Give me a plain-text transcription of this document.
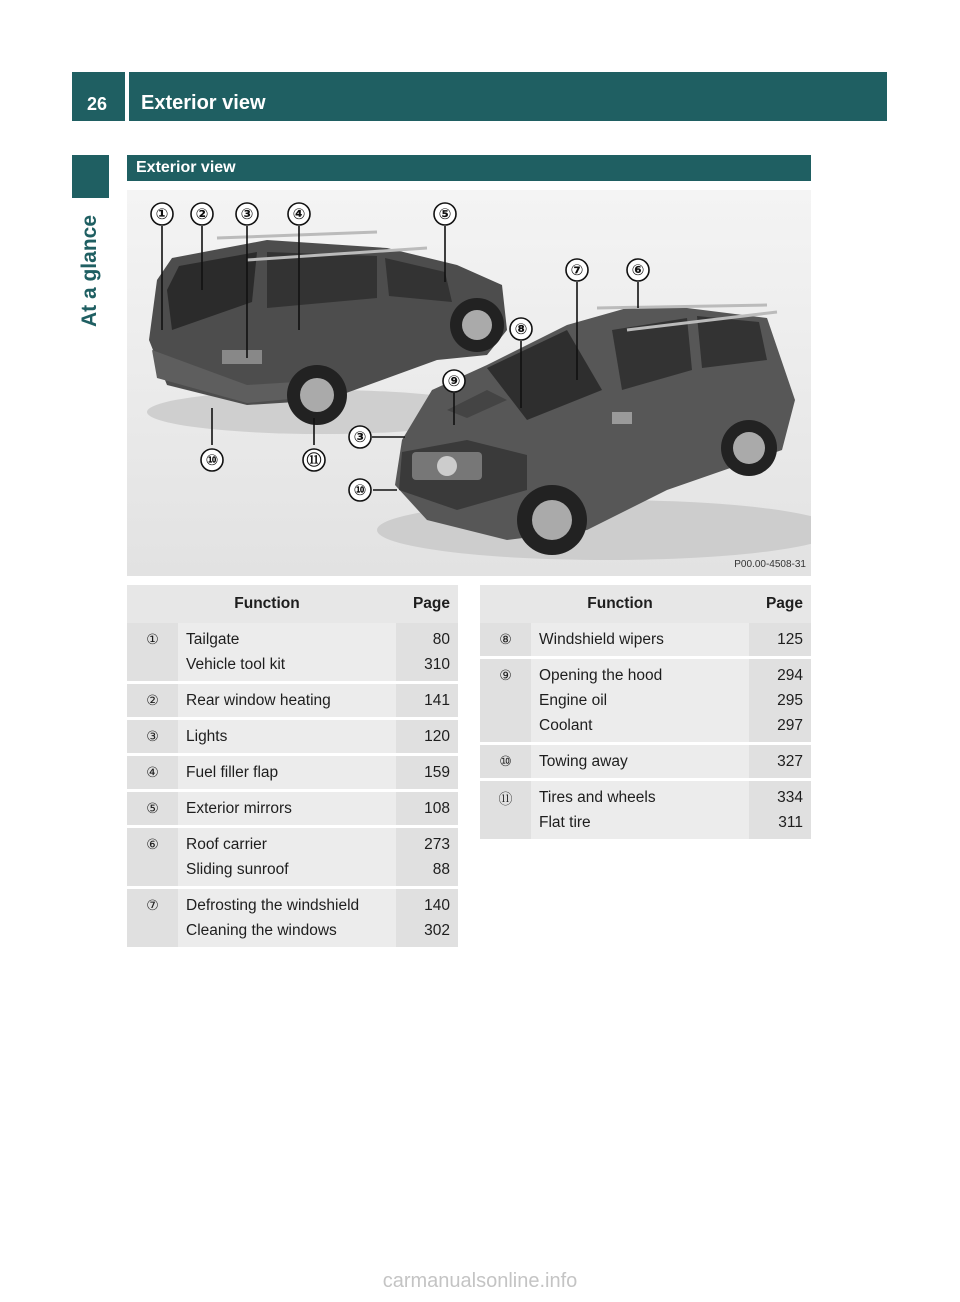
26	Exterior view
At a glance
Exterior view
① ② ③	④	⑤
⑥
⑦
⑧
⑨
③
⑩	⑪
⑩
P00.00-4508-31
	Function	Page
①	Tailgate	80
	Vehicle tool kit	310
②	Rear window heating	141
③	Lights	120
④	Fuel filler flap	159
⑤	Exterior mirrors	108
⑥	Roof carrier	273
	Sliding sunroof	88
⑦	Defrosting the windshield	140
	Cleaning the windows	302
	Function	Page
⑧	Windshield wipers	125
⑨	Opening the hood	294
	Engine oil	295
	Coolant	297
⑩	Towing away	327
⑪	Tires and wheels	334
	Flat tire	311
carmanualsonline.info
